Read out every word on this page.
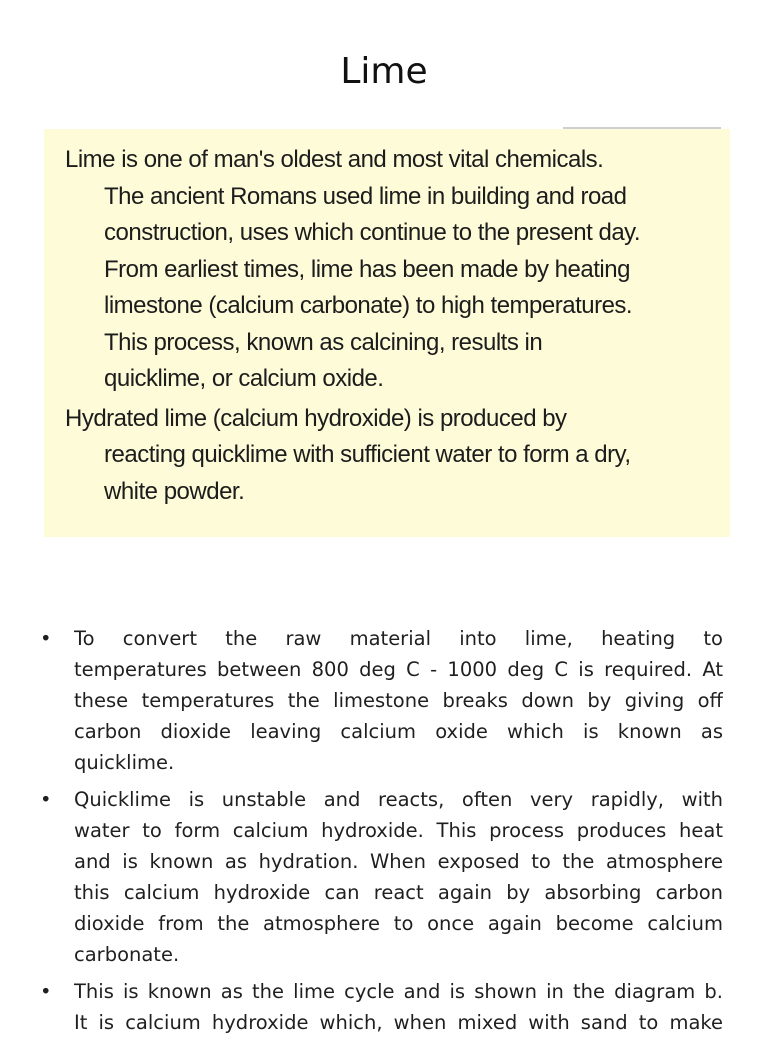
Lime

Lime is one of man's oldest and most vital chemicals.
The ancient Romans used lime in building and road
construction, uses which continue to the present day.
From earliest times, lime has been made by heating
limestone (calcium carbonate) to high temperatures.
This process, known as calcining, results in
quicklime, or calcium oxide.

Hydrated lime (calcium hydroxide) is produced by
reacting quicklime with sufficient water to form a dry,
white powder.

•	To convert the raw material into lime, heating to
temperatures between 800 deg C - 1000 deg C is required. At
these temperatures the limestone breaks down by giving off
carbon dioxide leaving calcium oxide which is known as
quicklime.
•	Quicklime is unstable and reacts, often very rapidly, with
water to form calcium hydroxide. This process produces heat
and is known as hydration. When exposed to the atmosphere
this calcium hydroxide can react again by absorbing carbon
dioxide from the atmosphere to once again become calcium
carbonate.
•	This is known as the lime cycle and is shown in the diagram b.
It is calcium hydroxide which, when mixed with sand to make
